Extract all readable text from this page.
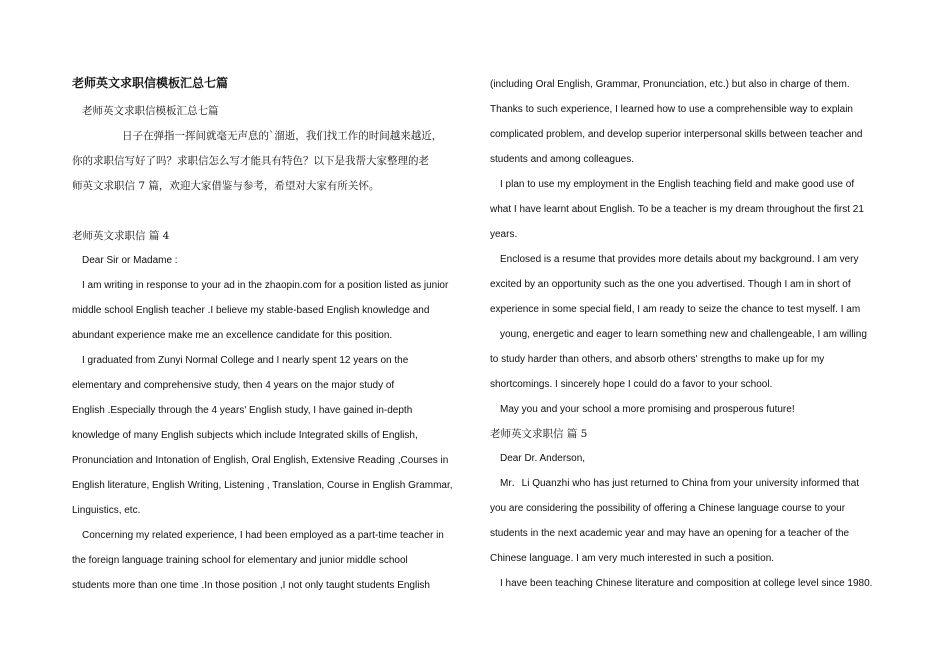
老师英文求职信模板汇总七篇
老师英文求职信模板汇总七篇
日子在弹指一挥间就毫无声息的`溜逝，我们找工作的时间越来越近，
你的求职信写好了吗？求职信怎么写才能具有特色？以下是我帮大家整理的老
师英文求职信 7 篇，欢迎大家借鉴与参考，希望对大家有所关怀。
老师英文求职信 篇 4
Dear Sir or Madame :
I am writing in response to your ad in the zhaopin.com for a position listed as junior
middle school English teacher .I believe my stable-based English knowledge and
abundant experience make me an excellence candidate for this position.
I graduated from Zunyi Normal College and I nearly spent 12 years on the
elementary and comprehensive study, then 4 years on the major study of
English .Especially through the 4 years' English study, I have gained in-depth
knowledge of many English subjects which include Integrated skills of English,
Pronunciation and Intonation of English, Oral English, Extensive Reading ,Courses in
English literature, English Writing, Listening , Translation, Course in English Grammar,
Linguistics, etc.
Concerning my related experience, I had been employed as a part-time teacher in
the foreign language training school for elementary and junior middle school
students more than one time .In those position ,I not only taught students English
(including Oral English, Grammar, Pronunciation, etc.) but also in charge of them.
Thanks to such experience, I learned how to use a comprehensible way to explain
complicated problem, and develop superior interpersonal skills between teacher and
students and among colleagues.
I plan to use my employment in the English teaching field and make good use of
what I have learnt about English. To be a teacher is my dream throughout the first 21
years.
Enclosed is a resume that provides more details about my background. I am very
excited by an opportunity such as the one you advertised. Though I am in short of
experience in some special field, I am ready to seize the chance to test myself. I am
young, energetic and eager to learn something new and challengeable, I am willing
to study harder than others, and absorb others' strengths to make up for my
shortcomings. I sincerely hope I could do a favor to your school.
May you and your school a more promising and prosperous future!
老师英文求职信 篇 5
Dear Dr. Anderson,
Mr．Li Quanzhi who has just returned to China from your university informed that
you are considering the possibility of offering a Chinese language course to your
students in the next academic year and may have an opening for a teacher of the
Chinese language. I am very much interested in such a position.
I have been teaching Chinese literature and composition at college level since 1980.
